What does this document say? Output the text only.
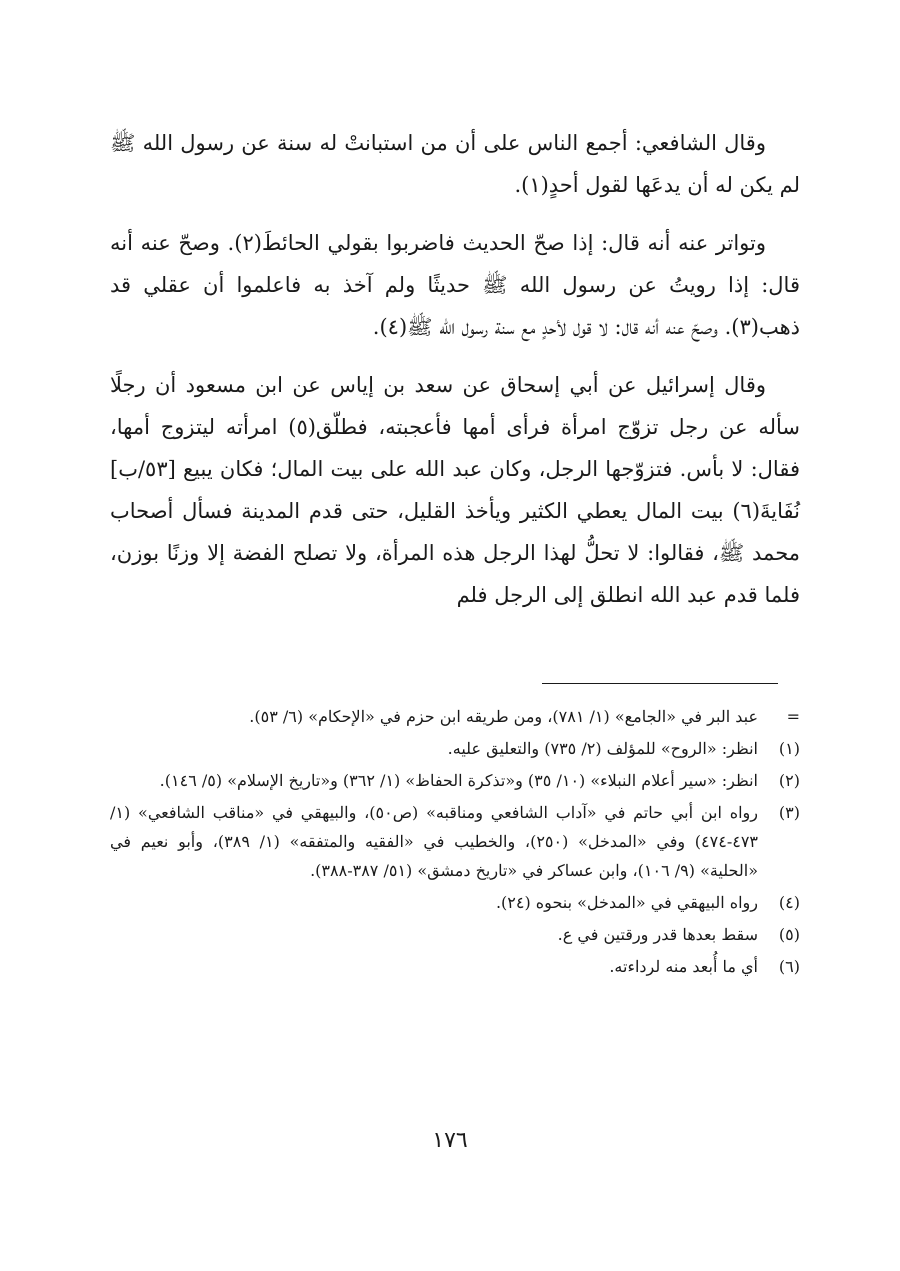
وقال الشافعي: أجمع الناس على أن من استبانتْ له سنة عن رسول الله ﷺ لم يكن له أن يدعَها لقول أحدٍ(١).

وتواتر عنه أنه قال: إذا صحّ الحديث فاضربوا بقولي الحائطَ(٢). وصحّ عنه أنه قال: إذا رويتُ عن رسول الله ﷺ حديثًا ولم آخذ به فاعلموا أن عقلي قد ذهب(٣). وصحّ عنه أنه قال: لا قول لأحدٍ مع سنة رسول الله ﷺ(٤).

وقال إسرائيل عن أبي إسحاق عن سعد بن إياس عن ابن مسعود أن رجلًا سأله عن رجل تزوّج امرأة فرأى أمها فأعجبته، فطلّق(٥) امرأته ليتزوج أمها، فقال: لا بأس. فتزوّجها الرجل، وكان عبد الله على بيت المال؛ فكان يبيع [٥٣/ب] نُفَايةَ(٦) بيت المال يعطي الكثير ويأخذ القليل، حتى قدم المدينة فسأل أصحاب محمد ﷺ، فقالوا: لا تحلُّ لهذا الرجل هذه المرأة، ولا تصلح الفضة إلا وزنًا بوزن، فلما قدم عبد الله انطلق إلى الرجل فلم

=
عبد البر في «الجامع» (١/ ٧٨١)، ومن طريقه ابن حزم في «الإحكام» (٦/ ٥٣).
(١)
انظر: «الروح» للمؤلف (٢/ ٧٣٥) والتعليق عليه.
(٢)
انظر: «سير أعلام النبلاء» (١٠/ ٣٥) و«تذكرة الحفاظ» (١/ ٣٦٢) و«تاريخ الإسلام» (٥/ ١٤٦).
(٣)
رواه ابن أبي حاتم في «آداب الشافعي ومناقبه» (ص٥٠)، والبيهقي في «مناقب الشافعي» (١/ ٤٧٣-٤٧٤) وفي «المدخل» (٢٥٠)، والخطيب في «الفقيه والمتفقه» (١/ ٣٨٩)، وأبو نعيم في «الحلية» (٩/ ١٠٦)، وابن عساكر في «تاريخ دمشق» (٥١/ ٣٨٧-٣٨٨).
(٤)
رواه البيهقي في «المدخل» بنحوه (٢٤).
(٥)
سقط بعدها قدر ورقتين في ع.
(٦)
أي ما أُبعد منه لرداءته.
١٧٦
